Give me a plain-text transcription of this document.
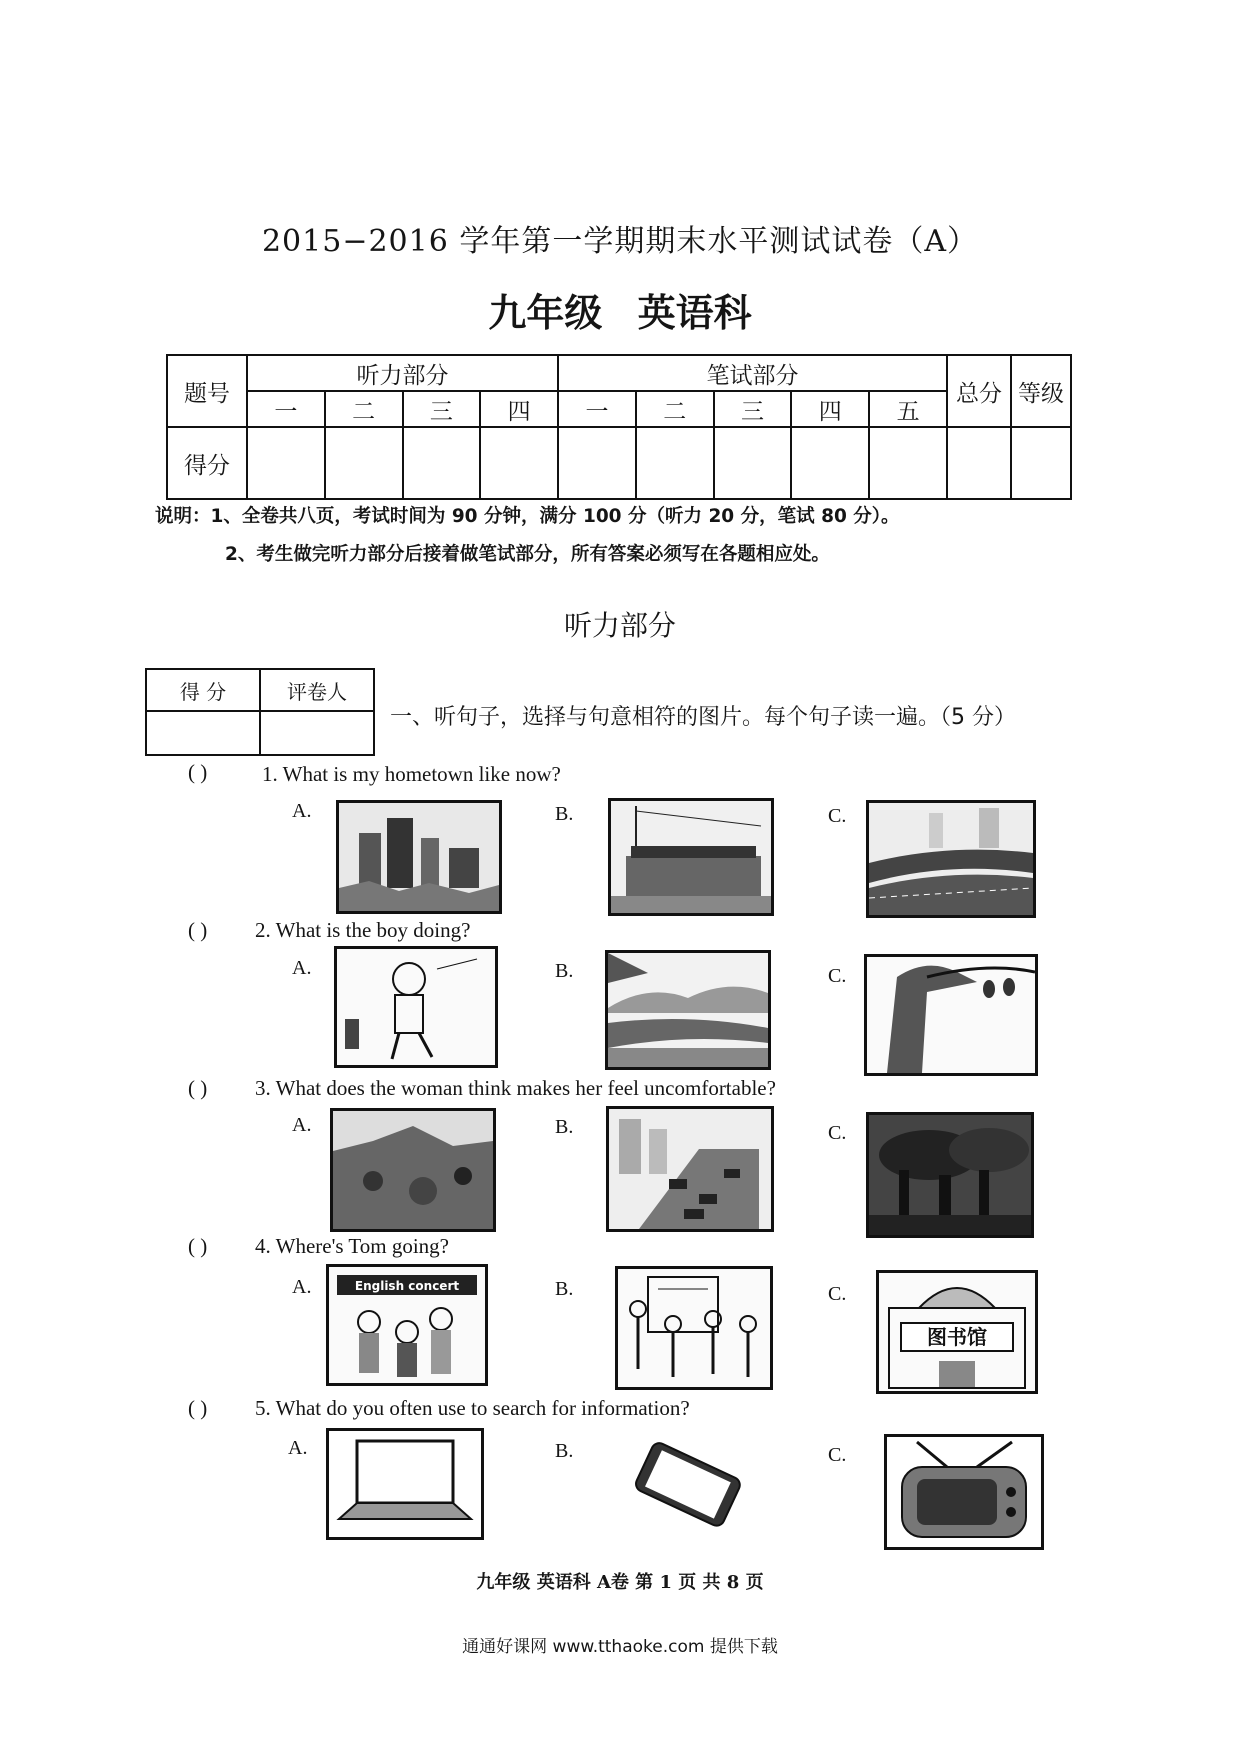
2015−2016 学年第一学期期末水平测试试卷（A）
九年级 英语科
题号	听力部分				笔试部分					总分	等级
	一	二	三	四	一	二	三	四	五		
得分											
说明：1、全卷共八页，考试时间为 90 分钟，满分 100 分（听力 20 分，笔试 80 分）。
2、考生做完听力部分后接着做笔试部分，所有答案必须写在各题相应处。
听力部分
得 分	评卷人

一、听句子，选择与句意相符的图片。每个句子读一遍。（5 分）
( )	1. What is my hometown like now?
A.	B.	C.
( ) 2. What is the boy doing?
A.	B.	C.
( ) 3. What does the woman think makes her feel uncomfortable?
A.	B.	C.
( ) 4. Where's Tom going?
A.	B.	C.
English concert
图书馆
( ) 5. What do you often use to search for information?
A.	B.	C.
九年级 英语科 A卷 第 1 页 共 8 页
通通好课网 www.tthaoke.com 提供下载
